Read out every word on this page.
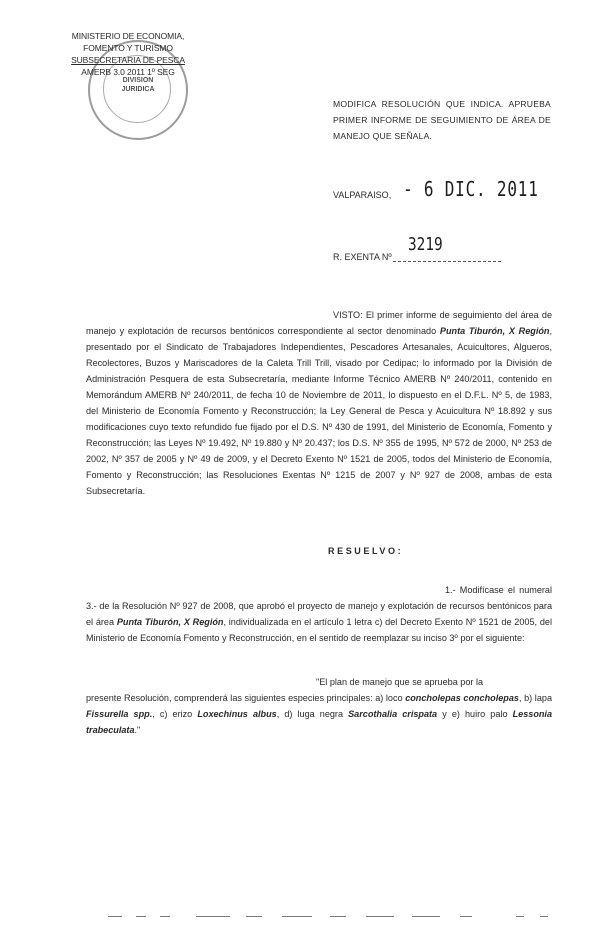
DIVISION
JURIDICA
MINISTERIO DE ECONOMIA,
FOMENTO Y TURISMO
SUBSECRETARIA DE PESCA
AMERB 3.0 2011 1º SEG
MODIFICA RESOLUCIÓN QUE INDICA. APRUEBA PRIMER INFORME DE SEGUIMIENTO DE ÁREA DE MANEJO QUE SEÑALA.
VALPARAISO, - 6 DIC. 2011
R. EXENTA Nº
3219
VISTO: El primer informe de seguimiento del área de manejo y explotación de recursos bentónicos correspondiente al sector denominado Punta Tiburón, X Región, presentado por el Sindicato de Trabajadores Independientes, Pescadores Artesanales, Acuicultores, Algueros, Recolectores, Buzos y Mariscadores de la Caleta Trill Trill, visado por Cedipac; lo informado por la División de Administración Pesquera de esta Subsecretaría, mediante Informe Técnico AMERB Nº 240/2011, contenido en Memorándum AMERB Nº 240/2011, de fecha 10 de Noviembre de 2011, lo dispuesto en el D.F.L. Nº 5, de 1983, del Ministerio de Economía Fomento y Reconstrucción; la Ley General de Pesca y Acuicultura Nº 18.892 y sus modificaciones cuyo texto refundido fue fijado por el D.S. Nº 430 de 1991, del Ministerio de Economía, Fomento y Reconstrucción; las Leyes Nº 19.492, Nº 19.880 y Nº 20.437; los D.S. Nº 355 de 1995, Nº 572 de 2000, Nº 253 de 2002, Nº 357 de 2005 y Nº 49 de 2009, y el Decreto Exento Nº 1521 de 2005, todos del Ministerio de Economía, Fomento y Reconstrucción; las Resoluciones Exentas Nº 1215 de 2007 y Nº 927 de 2008, ambas de esta Subsecretaría.
RESUELVO:
1.- Modifícase el numeral 3.- de la Resolución Nº 927 de 2008, que aprobó el proyecto de manejo y explotación de recursos bentónicos para el área Punta Tiburón, X Región, individualizada en el artículo 1 letra c) del Decreto Exento Nº 1521 de 2005, del Ministerio de Economía Fomento y Reconstrucción, en el sentido de reemplazar su inciso 3º por el siguiente:
"El plan de manejo que se aprueba por la
presente Resolución, comprenderá las siguientes especies principales: a) loco concholepas concholepas, b) lapa Fissurella spp., c) erizo Loxechinus albus, d) luga negra Sarcothalia crispata y e) huiro palo Lessonia trabeculata."
